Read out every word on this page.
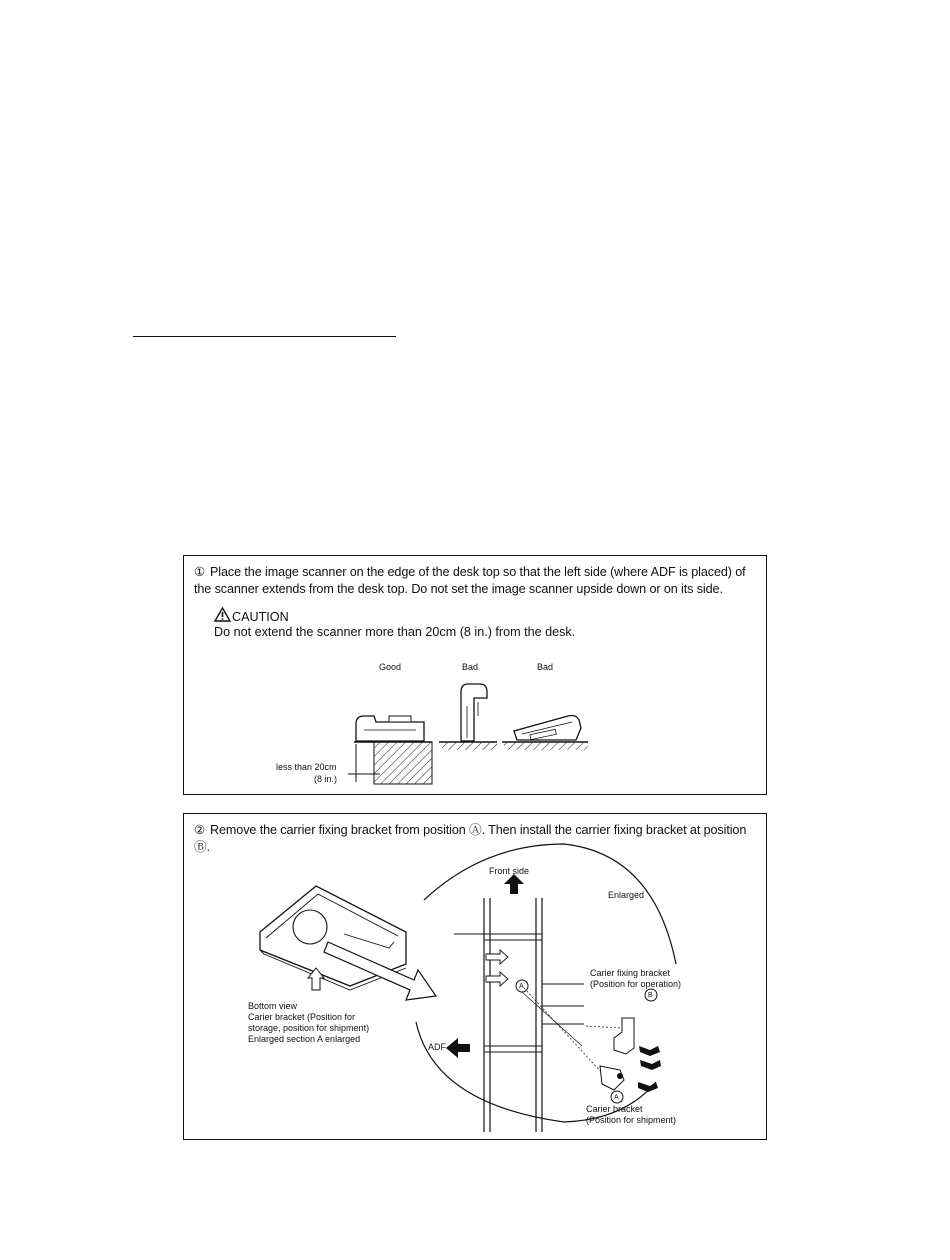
① Place the image scanner on the edge of the desk top so that the left side (where ADF is placed) of the scanner extends from the desk top. Do not set the image scanner upside down or on its side.
CAUTION
Do not extend the scanner more than 20cm (8 in.) from the desk.
Good	Bad	Bad
less than 20cm
(8 in.)
② Remove the carrier fixing bracket from position Ⓐ. Then install the carrier fixing bracket at position Ⓑ.
Front side
Enlarged
Carier fixing bracket
(Position for operation)
Bottom view
Carier bracket (Position for
storage, position for shipment)
Enlarged section A enlarged
ADF side
Carier bracket
(Position for shipment)
A
B
A
